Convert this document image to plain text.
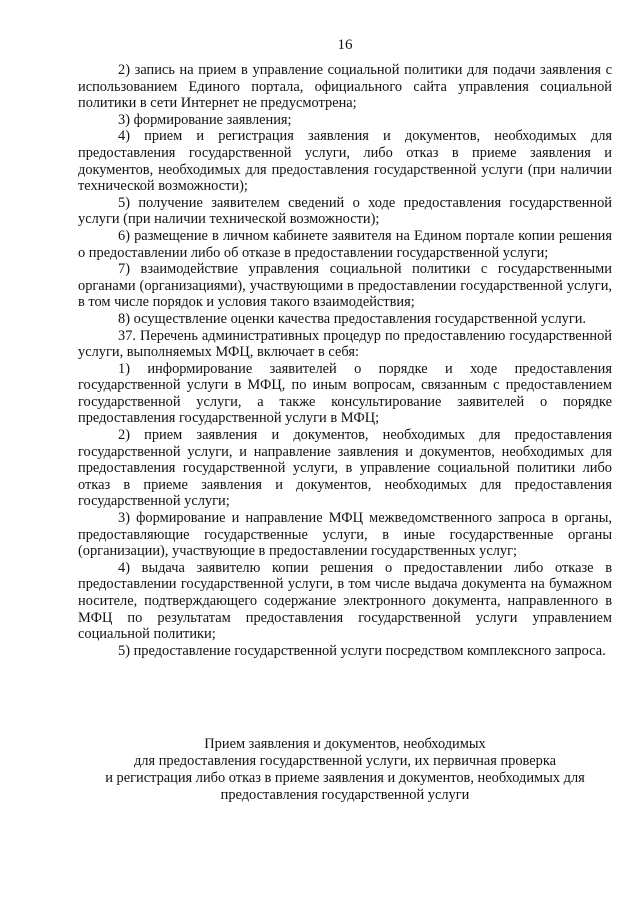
16

2) запись на прием в управление социальной политики для подачи заявления с использованием Единого портала, официального сайта управления социальной политики в сети Интернет не предусмотрена;

3) формирование заявления;

4) прием и регистрация заявления и документов, необходимых для предоставления государственной услуги, либо отказ в приеме заявления и документов, необходимых для предоставления государственной услуги (при наличии технической возможности);

5) получение заявителем сведений о ходе предоставления государственной услуги (при наличии технической возможности);

6) размещение в личном кабинете заявителя на Едином портале копии решения о предоставлении либо об отказе в предоставлении государственной услуги;

7) взаимодействие управления социальной политики с государственными органами (организациями), участвующими в предоставлении государственной услуги, в том числе порядок и условия такого взаимодействия;

8) осуществление оценки качества предоставления государственной услуги.

37. Перечень административных процедур по предоставлению государственной услуги, выполняемых МФЦ, включает в себя:

1) информирование заявителей о порядке и ходе предоставления государственной услуги в МФЦ, по иным вопросам, связанным с предоставлением государственной услуги, а также консультирование заявителей о порядке предоставления государственной услуги в МФЦ;

2) прием заявления и документов, необходимых для предоставления государственной услуги, и направление заявления и документов, необходимых для предоставления государственной услуги, в управление социальной политики либо отказ в приеме заявления и документов, необходимых для предоставления государственной услуги;

3) формирование и направление МФЦ межведомственного запроса в органы, предоставляющие государственные услуги, в иные государственные органы (организации), участвующие в предоставлении государственных услуг;

4) выдача заявителю копии решения о предоставлении либо отказе в предоставлении государственной услуги, в том числе выдача документа на бумажном носителе, подтверждающего содержание электронного документа, направленного в МФЦ по результатам предоставления государственной услуги управлением социальной политики;

5) предоставление государственной услуги посредством комплексного запроса.

Прием заявления и документов, необходимых
для предоставления государственной услуги, их первичная проверка
и регистрация либо отказ в приеме заявления и документов, необходимых для
предоставления государственной услуги
